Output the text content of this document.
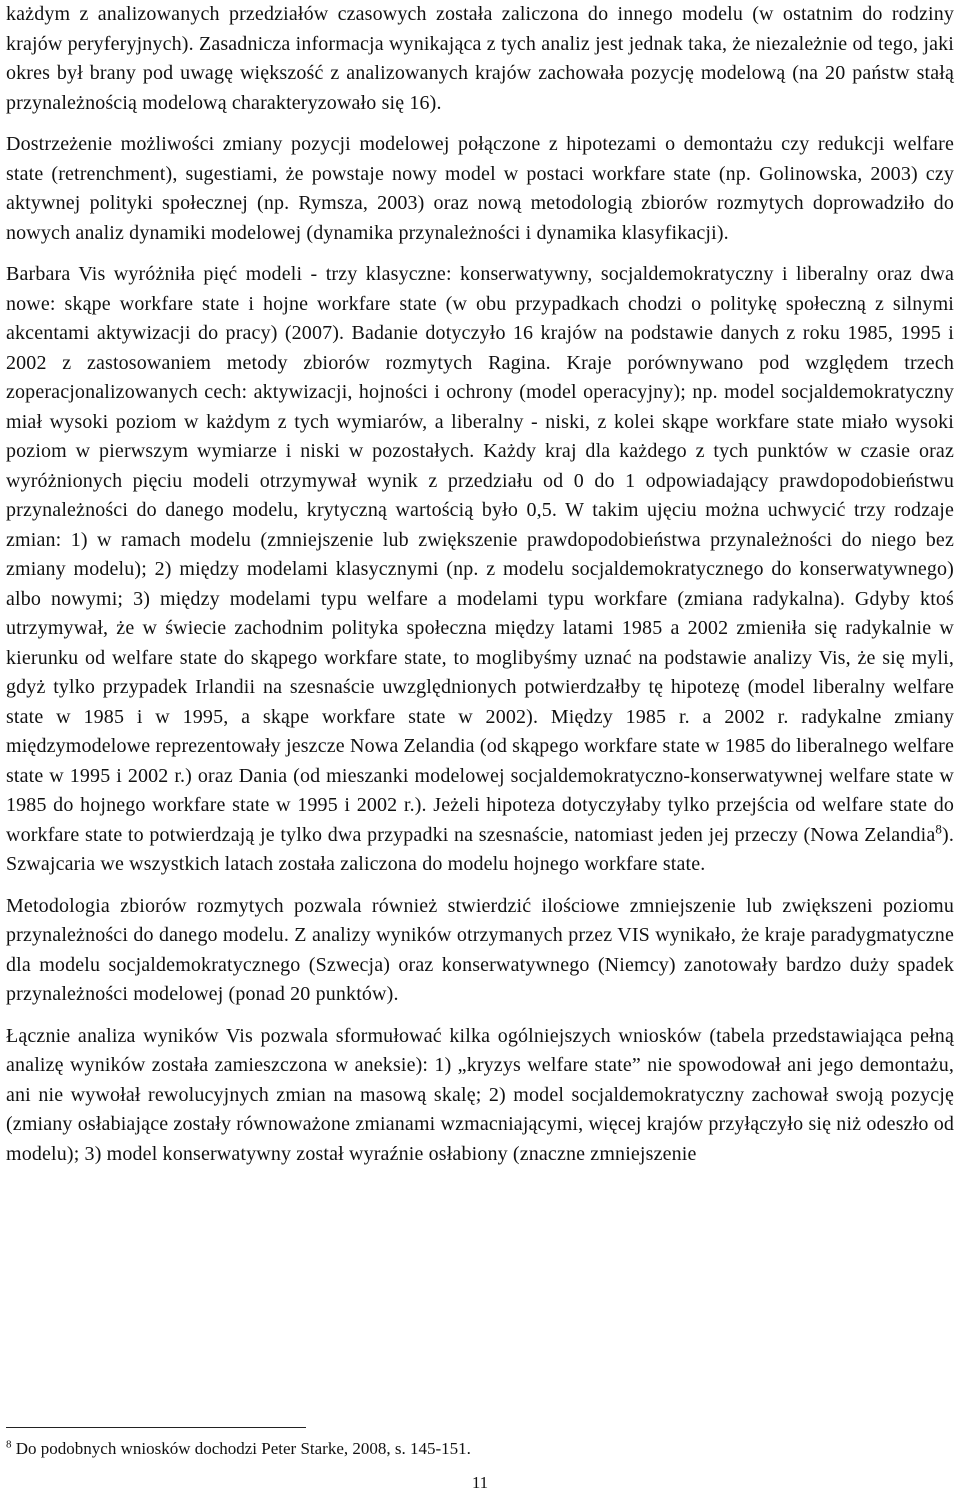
każdym z analizowanych przedziałów czasowych została zaliczona do innego modelu (w ostatnim do rodziny krajów peryferyjnych). Zasadnicza informacja wynikająca z tych analiz jest jednak taka, że niezależnie od tego, jaki okres był brany pod uwagę większość z analizowanych krajów zachowała pozycję modelową (na 20 państw stałą przynależnością modelową charakteryzowało się 16).

Dostrzeżenie możliwości zmiany pozycji modelowej połączone z hipotezami o demontażu czy redukcji welfare state (retrenchment), sugestiami, że powstaje nowy model w postaci workfare state (np. Golinowska, 2003) czy aktywnej polityki społecznej (np. Rymsza, 2003) oraz nową metodologią zbiorów rozmytych doprowadziło do nowych analiz dynamiki modelowej (dynamika przynależności i dynamika klasyfikacji).

Barbara Vis wyróżniła pięć modeli - trzy klasyczne: konserwatywny, socjaldemokratyczny i liberalny oraz dwa nowe: skąpe workfare state i hojne workfare state (w obu przypadkach chodzi o politykę społeczną z silnymi akcentami aktywizacji do pracy) (2007). Badanie dotyczyło 16 krajów na podstawie danych z roku 1985, 1995 i 2002 z zastosowaniem metody zbiorów rozmytych Ragina. Kraje porównywano pod względem trzech zoperacjonalizowanych cech: aktywizacji, hojności i ochrony (model operacyjny); np. model socjaldemokratyczny miał wysoki poziom w każdym z tych wymiarów, a liberalny - niski, z kolei skąpe workfare state miało wysoki poziom w pierwszym wymiarze i niski w pozostałych. Każdy kraj dla każdego z tych punktów w czasie oraz wyróżnionych pięciu modeli otrzymywał wynik z przedziału od 0 do 1 odpowiadający prawdopodobieństwu przynależności do danego modelu, krytyczną wartością było 0,5. W takim ujęciu można uchwycić trzy rodzaje zmian: 1) w ramach modelu (zmniejszenie lub zwiększenie prawdopodobieństwa przynależności do niego bez zmiany modelu); 2) między modelami klasycznymi (np. z modelu socjaldemokratycznego do konserwatywnego) albo nowymi; 3) między modelami typu welfare a modelami typu workfare (zmiana radykalna). Gdyby ktoś utrzymywał, że w świecie zachodnim polityka społeczna między latami 1985 a 2002 zmieniła się radykalnie w kierunku od welfare state do skąpego workfare state, to moglibyśmy uznać na podstawie analizy Vis, że się myli, gdyż tylko przypadek Irlandii na szesnaście uwzględnionych potwierdzałby tę hipotezę (model liberalny welfare state w 1985 i w 1995, a skąpe workfare state w 2002). Między 1985 r. a 2002 r. radykalne zmiany międzymodelowe reprezentowały jeszcze Nowa Zelandia (od skąpego workfare state w 1985 do liberalnego welfare state w 1995 i 2002 r.) oraz Dania (od mieszanki modelowej socjaldemokratyczno-konserwatywnej welfare state w 1985 do hojnego workfare state w 1995 i 2002 r.). Jeżeli hipoteza dotyczyłaby tylko przejścia od welfare state do workfare state to potwierdzają je tylko dwa przypadki na szesnaście, natomiast jeden jej przeczy (Nowa Zelandia$^8$). Szwajcaria we wszystkich latach została zaliczona do modelu hojnego workfare state.

Metodologia zbiorów rozmytych pozwala również stwierdzić ilościowe zmniejszenie lub zwiększeni poziomu przynależności do danego modelu. Z analizy wyników otrzymanych przez VIS wynikało, że kraje paradygmatyczne dla modelu socjaldemokratycznego (Szwecja) oraz konserwatywnego (Niemcy) zanotowały bardzo duży spadek przynależności modelowej (ponad 20 punktów).

Łącznie analiza wyników Vis pozwala sformułować kilka ogólniejszych wniosków (tabela przedstawiająca pełną analizę wyników została zamieszczona w aneksie): 1) „kryzys welfare state” nie spowodował ani jego demontażu, ani nie wywołał rewolucyjnych zmian na masową skalę; 2) model socjaldemokratyczny zachował swoją pozycję (zmiany osłabiające zostały równoważone zmianami wzmacniającymi, więcej krajów przyłączyło się niż odeszło od modelu); 3) model konserwatywny został wyraźnie osłabiony (znaczne zmniejszenie

$^8$ Do podobnych wniosków dochodzi Peter Starke, 2008, s. 145-151.
11
